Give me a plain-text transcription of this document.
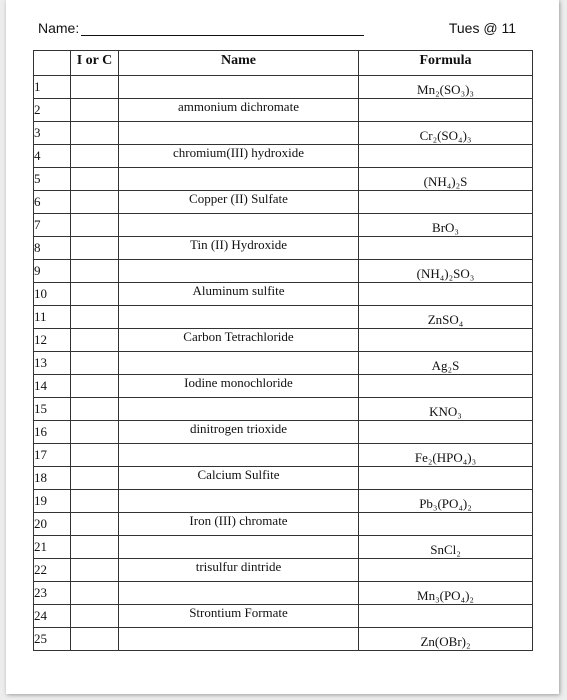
Name:	Tues @ 11
	I or C	Name	Formula
1			Mn₂(SO₃)₃
2		ammonium dichromate	
3			Cr₂(SO₄)₃
4		chromium(III) hydroxide	
5			(NH₄)₂S
6		Copper (II) Sulfate	
7			BrO₃
8		Tin (II) Hydroxide	
9			(NH₄)₂SO₃
10		Aluminum sulfite	
11			ZnSO₄
12		Carbon Tetrachloride	
13			Ag₂S
14		Iodine monochloride	
15			KNO₃
16		dinitrogen trioxide	
17			Fe₂(HPO₄)₃
18		Calcium Sulfite	
19			Pb₃(PO₄)₂
20		Iron (III) chromate	
21			SnCl₂
22		trisulfur dintride	
23			Mn₃(PO₄)₂
24		Strontium Formate	
25			Zn(OBr)₂
